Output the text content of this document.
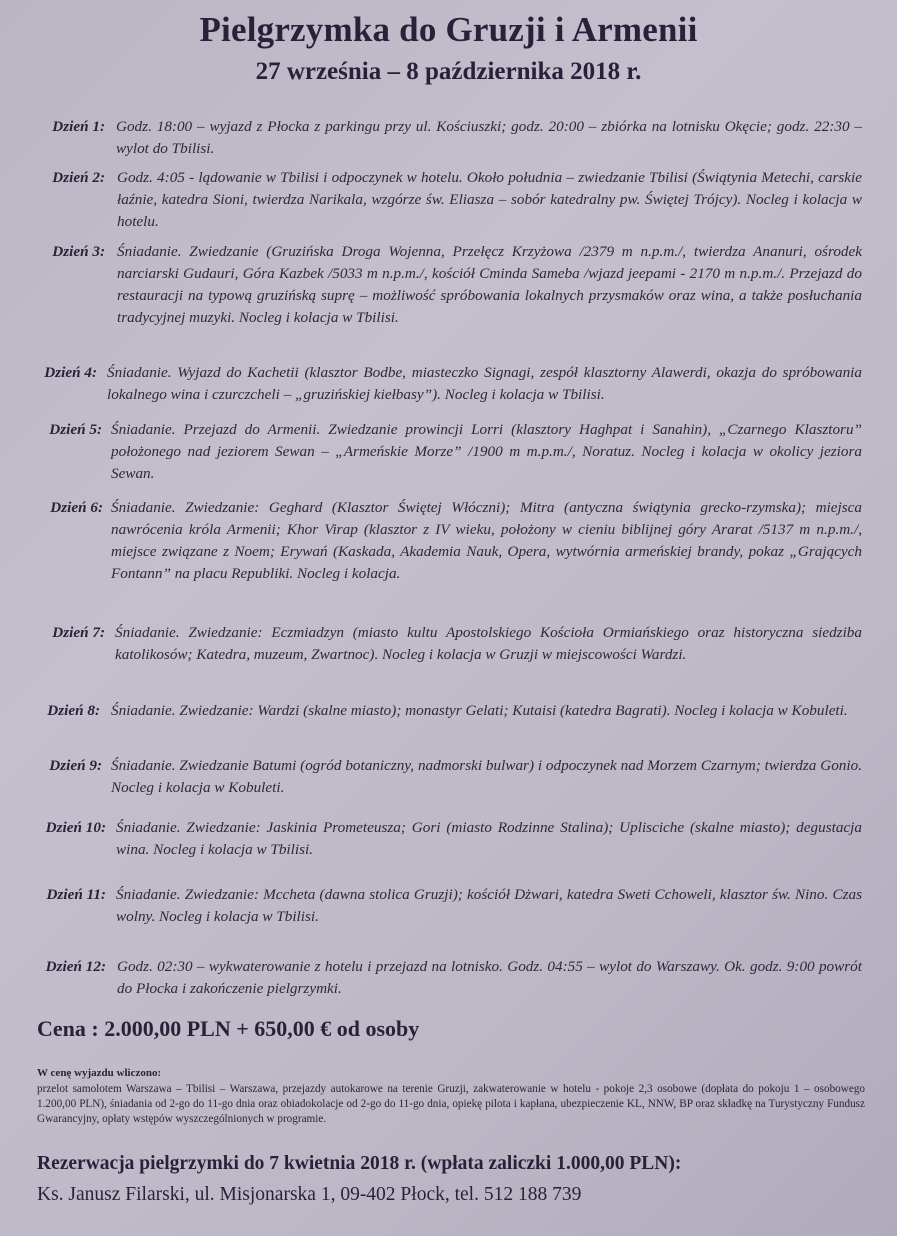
Pielgrzymka do Gruzji i Armenii
27 września – 8 października 2018 r.
Dzień 1: Godz. 18:00 – wyjazd z Płocka z parkingu przy ul. Kościuszki; godz. 20:00 – zbiórka na lotnisku Okęcie; godz. 22:30 – wylot do Tbilisi.
Dzień 2: Godz. 4:05 - lądowanie w Tbilisi i odpoczynek w hotelu. Około południa – zwiedzanie Tbilisi (Świątynia Metechi, carskie łaźnie, katedra Sioni, twierdza Narikala, wzgórze św. Eliasza – sobór katedralny pw. Świętej Trójcy). Nocleg i kolacja w hotelu.
Dzień 3: Śniadanie. Zwiedzanie (Gruzińska Droga Wojenna, Przełęcz Krzyżowa /2379 m n.p.m./, twierdza Ananuri, ośrodek narciarski Gudauri, Góra Kazbek /5033 m n.p.m./, kościół Cminda Sameba /wjazd jeepami - 2170 m n.p.m./. Przejazd do restauracji na typową gruzińską suprę – możliwość spróbowania lokalnych przysmaków oraz wina, a także posłuchania tradycyjnej muzyki. Nocleg i kolacja w Tbilisi.
Dzień 4: Śniadanie. Wyjazd do Kachetii (klasztor Bodbe, miasteczko Signagi, zespół klasztorny Alawerdi, okazja do spróbowania lokalnego wina i czurczcheli – „gruzińskiej kiełbasy”). Nocleg i kolacja w Tbilisi.
Dzień 5: Śniadanie. Przejazd do Armenii. Zwiedzanie prowincji Lorri (klasztory Haghpat i Sanahin), „Czarnego Klasztoru” położonego nad jeziorem Sewan – „Armeńskie Morze” /1900 m m.p.m./, Noratuz. Nocleg i kolacja w okolicy jeziora Sewan.
Dzień 6: Śniadanie. Zwiedzanie: Geghard (Klasztor Świętej Włóczni); Mitra (antyczna świątynia grecko-rzymska); miejsca nawrócenia króla Armenii; Khor Virap (klasztor z IV wieku, położony w cieniu biblijnej góry Ararat /5137 m n.p.m./, miejsce związane z Noem; Erywań (Kaskada, Akademia Nauk, Opera, wytwórnia armeńskiej brandy, pokaz „Grających Fontann” na placu Republiki. Nocleg i kolacja.
Dzień 7: Śniadanie. Zwiedzanie: Eczmiadzyn (miasto kultu Apostolskiego Kościoła Ormiańskiego oraz historyczna siedziba katolikosów; Katedra, muzeum, Zwartnoc). Nocleg i kolacja w Gruzji w miejscowości Wardzi.
Dzień 8: Śniadanie. Zwiedzanie: Wardzi (skalne miasto); monastyr Gelati; Kutaisi (katedra Bagrati). Nocleg i kolacja w Kobuleti.
Dzień 9: Śniadanie. Zwiedzanie Batumi (ogród botaniczny, nadmorski bulwar) i odpoczynek nad Morzem Czarnym; twierdza Gonio. Nocleg i kolacja w Kobuleti.
Dzień 10: Śniadanie. Zwiedzanie: Jaskinia Prometeusza; Gori (miasto Rodzinne Stalina); Uplisciche (skalne miasto); degustacja wina. Nocleg i kolacja w Tbilisi.
Dzień 11: Śniadanie. Zwiedzanie: Mccheta (dawna stolica Gruzji); kościół Dżwari, katedra Sweti Cchoweli, klasztor św. Nino. Czas wolny. Nocleg i kolacja w Tbilisi.
Dzień 12: Godz. 02:30 – wykwaterowanie z hotelu i przejazd na lotnisko. Godz. 04:55 – wylot do Warszawy. Ok. godz. 9:00 powrót do Płocka i zakończenie pielgrzymki.
Cena : 2.000,00 PLN + 650,00 € od osoby
W cenę wyjazdu wliczono:
przelot samolotem Warszawa – Tbilisi – Warszawa, przejazdy autokarowe na terenie Gruzji, zakwaterowanie w hotelu - pokoje 2,3 osobowe (dopłata do pokoju 1 – osobowego 1.200,00 PLN), śniadania od 2-go do 11-go dnia oraz obiadokolacje od 2-go do 11-go dnia, opiekę pilota i kapłana, ubezpieczenie KL, NNW, BP oraz składkę na Turystyczny Fundusz Gwarancyjny, opłaty wstępów wyszczególnionych w programie.
Rezerwacja pielgrzymki do 7 kwietnia 2018 r. (wpłata zaliczki 1.000,00 PLN):
Ks. Janusz Filarski, ul. Misjonarska 1, 09-402 Płock, tel. 512 188 739
